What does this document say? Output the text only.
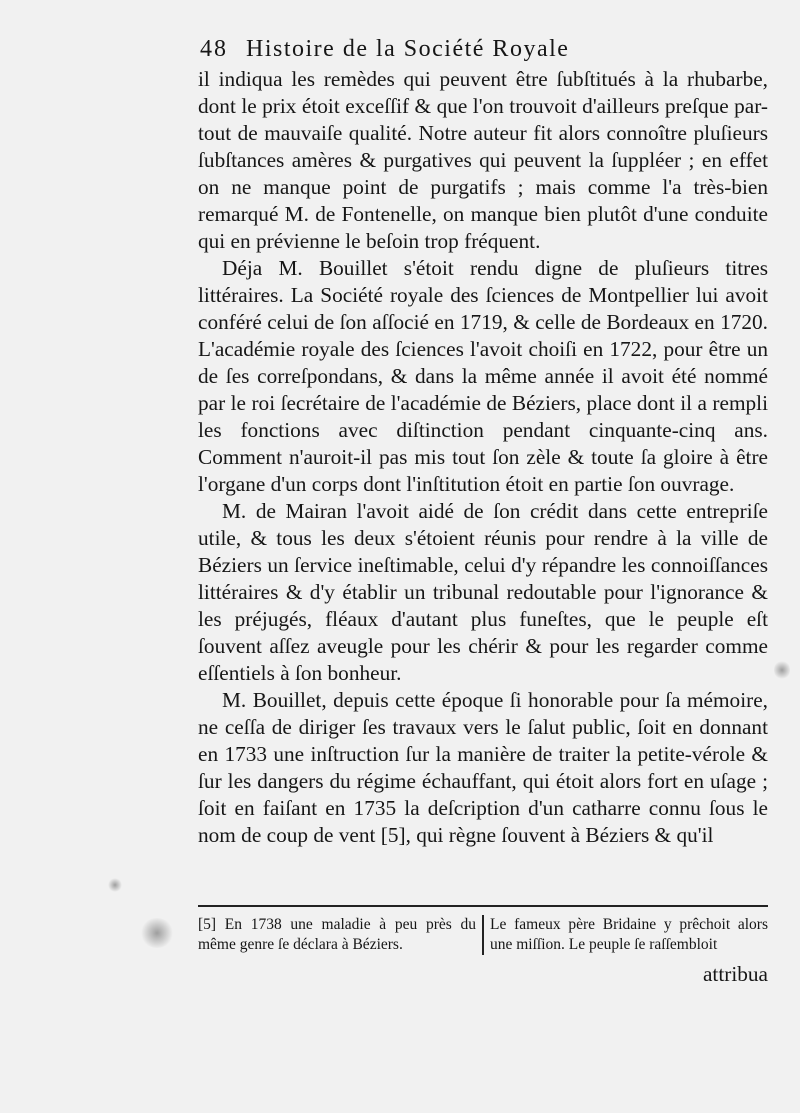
48 Histoire de la Société Royale

il indiqua les remèdes qui peuvent être ſubſtitués à la rhubarbe, dont le prix étoit exceſſif & que l'on trouvoit d'ailleurs preſque par-tout de mauvaiſe qualité. Notre auteur fit alors connoître pluſieurs ſubſtances amères & purgatives qui peuvent la ſuppléer ; en effet on ne manque point de purgatifs ; mais comme l'a très-bien remarqué M. de Fontenelle, on manque bien plutôt d'une conduite qui en prévienne le beſoin trop fréquent.

Déja M. Bouillet s'étoit rendu digne de pluſieurs titres littéraires. La Société royale des ſciences de Montpellier lui avoit conféré celui de ſon aſſocié en 1719, & celle de Bordeaux en 1720. L'académie royale des ſciences l'avoit choiſi en 1722, pour être un de ſes correſpondans, & dans la même année il avoit été nommé par le roi ſecrétaire de l'académie de Béziers, place dont il a rempli les fonctions avec diſtinction pendant cinquante-cinq ans. Comment n'auroit-il pas mis tout ſon zèle & toute ſa gloire à être l'organe d'un corps dont l'inſtitution étoit en partie ſon ouvrage.

M. de Mairan l'avoit aidé de ſon crédit dans cette entrepriſe utile, & tous les deux s'étoient réunis pour rendre à la ville de Béziers un ſervice ineſtimable, celui d'y répandre les connoiſſances littéraires & d'y établir un tribunal redoutable pour l'ignorance & les préjugés, fléaux d'autant plus funeſtes, que le peuple eſt ſouvent aſſez aveugle pour les chérir & pour les regarder comme eſſentiels à ſon bonheur.

M. Bouillet, depuis cette époque ſi honorable pour ſa mémoire, ne ceſſa de diriger ſes travaux vers le ſalut public, ſoit en donnant en 1733 une inſtruction ſur la manière de traiter la petite-vérole & ſur les dangers du régime échauffant, qui étoit alors fort en uſage ; ſoit en faiſant en 1735 la deſcription d'un catharre connu ſous le nom de coup de vent [5], qui règne ſouvent à Béziers & qu'il

[5] En 1738 une maladie à peu près du même genre ſe déclara à Béziers.
Le fameux père Bridaine y prêchoit alors une miſſion. Le peuple ſe raſſembloit
attribua
